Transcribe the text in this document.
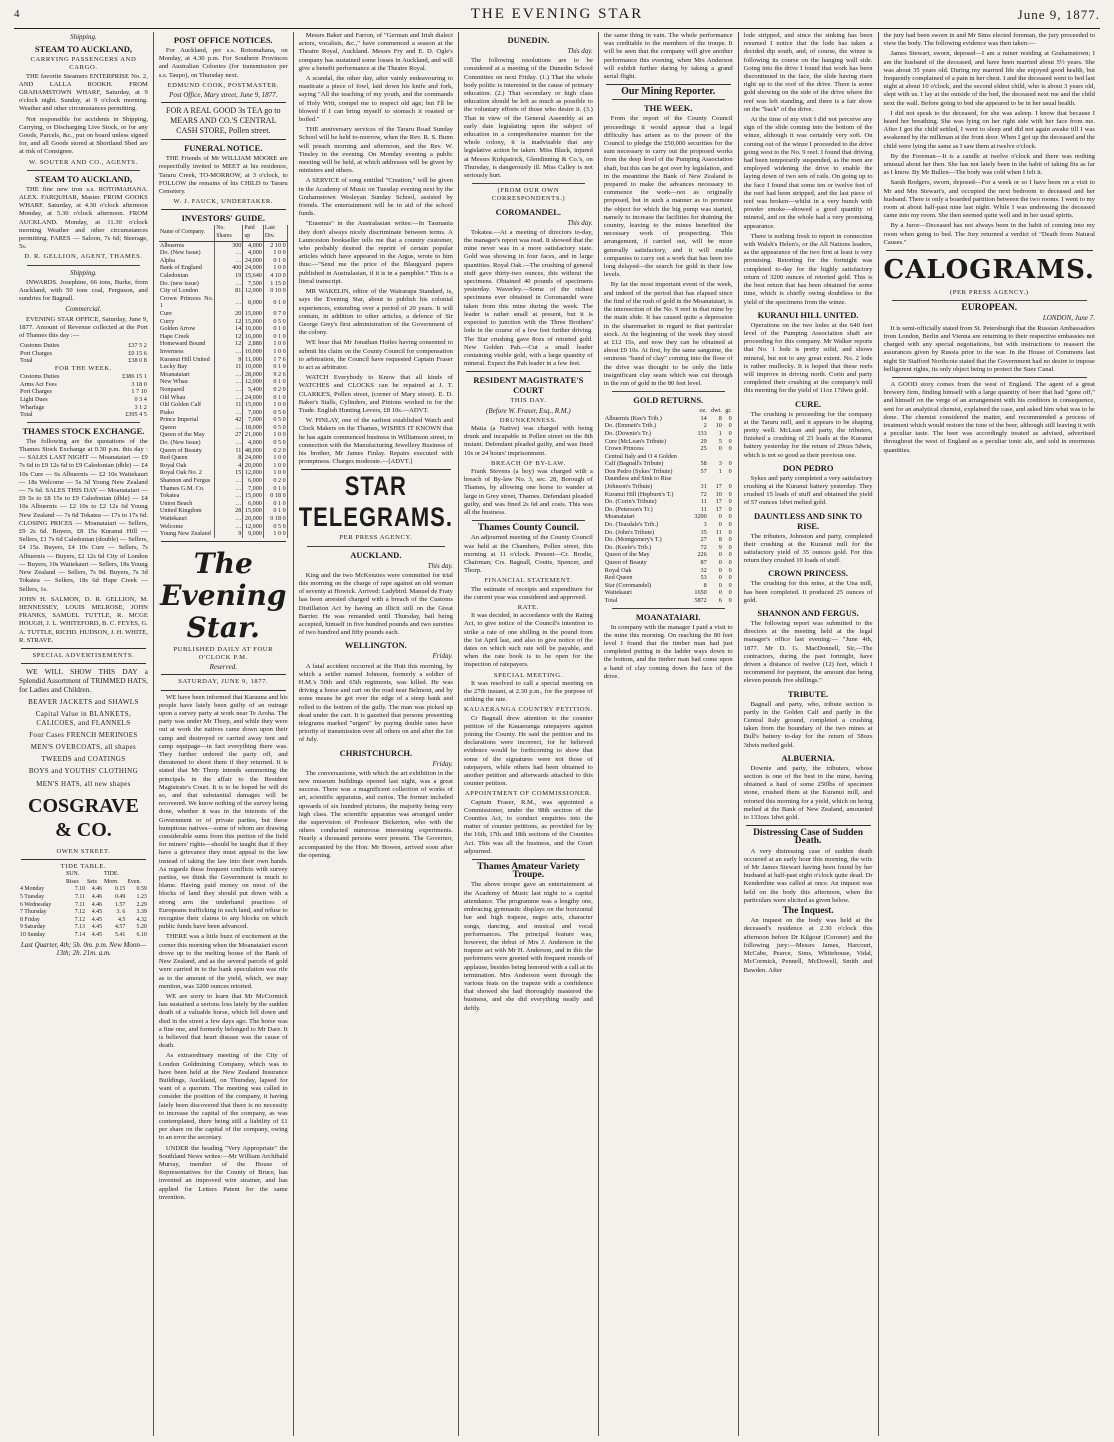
4	THE EVENING STAR	June 9, 1877.
Shipping.
STEAM TO AUCKLAND,
CARRYING PASSENGERS AND CARGO.

THE favorite Steamers ENTERPRISE No. 2, AND LALLA ROOKH. FROM GRAHAMSTOWN WHARF, Saturday, at 9 o'clock night. Sunday, at 9 o'clock morning. Weather and other circumstances permitting.

Not responsible for accidents in Shipping, Carrying, or Discharging Live Stock, or for any Goods, Parcels, &c., put on board unless signed for, and all Goods stored at Shortland Shed are at risk of Consignee.

W. SOUTER AND CO., AGENTS.
STEAM TO AUCKLAND,

THE fine new iron s.s. ROTOMAHANA. ALEX. FARQUHAR, Master. FROM GOOKS WHARF. Saturday, at 4.30 o'clock afternoon Monday, at 5.30 o'clock afternoon. FROM AUCKLAND. Monday, at 11.30 o'clock morning Weather and other circumstances permitting. FARES — Saloon, 7s 6d; Steerage, 5s.

D. R. GELLION, AGENT, THAMES.
Shipping.

INWARDS. Josephine, 66 tons, Burke, from Auckland, with 50 tons coal, Ferguson, and sundries for Bagnall.

Commercial.

EVENING STAR OFFICE, Saturday, June 9, 1877. Amount of Revenue collected at the Port of Thames this day :—

Customs Duties	£37 5 2
Port Charges	£0 15 6
Total	£38 0 8
FOR THE WEEK.
Customs Duties	£386 15 1
Arms Act Fees	3 18 0
Port Charges	1 7 10
Light Dues	0 3 4
Wharfage	3 1 2
Total	£395 4 5
THAMES STOCK EXCHANGE.

The following are the quotations of the Thames Stock Exchange at 0.30 p.m. this day :— SALES LAST NIGHT — Moanataiari — £9 7s 6d to £9 12s 6d to £9 Caledonian (dble) — £4 10s Cure — 6s Albuernis — £2 10s Waitekauri — 18s Welcome — 5s 3d Young New Zealand — 7s 6d. SALES THIS DAY — Moanataiari — £9 5s to £8 15s to £9 Caledonian (dble) — £4 10s Albuernis — £2 10s to £2 12s 6d Young New Zealand — 7s 6d Tokatea — 17s to 17s 6d. CLOSING PRICES — Moanataiari — Sellers, £9 2s 6d. Buyers, £8 15s Kuranui Hill — Sellers, £1 7s 6d Caledonian (double) — Sellers, £4 15s. Buyers, £4 10s Cure — Sellers, 7s Albuernis — Buyers, £2 12s 6d City of London — Buyers, 10s Waitekauri — Sellers, 18s Young New Zealand — Sellers, 7s 9d. Buyers, 7s 3d Tokatea — Sellers, 18s 6d Hape Creek — Sellers, 1s.

JOHN H. SALMON, D. R. GELLION, M. HENNESSEY, LOUIS MELROSE, JOHN FRANKS, SAMUEL TUTTLE, R. MCGE HOUGH, J. L. WHITEFORD, B. C. FEYES, G. A. TUTTLE, RICHD. HUDSON, J. H. WHITE, R. STRAVE.

SPECIAL ADVERTISEMENTS.

WE WILL SHOW THIS DAY a Splendid Assortment of TRIMMED HATS, for Ladies and Children.

BEAVER JACKETS and SHAWLS
Capital Value in BLANKETS, CALICOES, and FLANNELS
Four Cases FRENCH MERINOES
MEN'S OVERCOATS, all shapes
TWEEDS and COATINGS
BOYS and YOUTHS' CLOTHING
MEN'S HATS, all new shapes
COSGRAVE & CO.
OWEN STREET.
TIDE TABLE.
	SUN.		TIDE.	
	Rises	Sets	Morn.	Even.
4 Monday	7.10	4.46	0.15	0.59
5 Tuesday	7.11	4.46	0.49	1.23
6 Wednesday	7.11	4.46	1.57	2.29
7 Thursday	7.12	4.45	3. 6	3.39
8 Friday	7.12	4.45	4.5	4.32
9 Saturday	7.13	4.45	4.57	5.20
10 Sunday	7.14	4.45	5.41	6.10
Last Quarter, 4th; 5h. 0m. p.m. New Moon—13th; 2h. 21m. a.m.
POST OFFICE NOTICES.

For Auckland, per s.s. Rotomahana, on Monday, at 4.30 p.m. For Southern Provinces and Australian Colonies (for transmission per s.s. Taupo), on Thursday next.

EDMUND COOK, POSTMASTER.
Post Office, Mary street, June 9, 1877.

FOR A REAL GOOD 3s TEA go to MEARS AND CO.'S CENTRAL CASH STORE, Pollen street.

FUNERAL NOTICE.

THE Friends of Mr WILLIAM MOORE are respectfully invited to MEET at his residence, Tararu Creek, TO-MORROW, at 3 o'clock, to FOLLOW the remains of his CHILD to Tararu Cemetery.

W. J. FAUCK, UNDERTAKER.
INVESTORS' GUIDE.
Name of Company.	No. Shares	Paid up	Last Div.
Albuernis	300	4,000	2 10 0
Do. (New Issue)	…	4,000	1 0 0
Alpha	…	24,000	0 1 0
Bank of England	400	24,000	1 0 0
Caledonian	19	15,640	4 10 0
Do. (new issue)	…	7,500	1 15 0
City of London	81	12,000	0 10 0
Crown Princess No. 1	…	8,000	0 1 0
Cure	20	15,000	0 7 0
Curry	12	15,000	0 5 0
Golden Arrow	14	10,000	0 1 0
Hape Creek	12	16,000	0 1 0
Homeward Bound	12	2,880	1 0 0
Inverness	…	10,000	1 0 0
Kuranui Hill United	9	11,000	1 7 6
Lucky Bay	11	10,000	0 1 0
Moanataiari	…	28,000	9 2 6
New Whau	…	12,000	0 1 0
Nonpareil	…	5,400	0 2 0
Old Whau	…	24,000	0 1 0
Old Golden Calf	11	15,000	1 0 0
Piako	…	7,000	0 5 0
Prince Imperial	42	7,000	0 5 0
Queen	…	18,000	0 5 0
Queen of the May	27	21,000	1 0 0
Do. (New Issue)	…	4,000	0 5 0
Queen of Beauty	11	48,000	0 2 0
Red Queen	8	24,000	1 0 0
Royal Oak	4	20,000	1 0 0
Royal Oak No. 2	15	12,000	1 0 0
Shannon and Fergus	…	6,000	0 2 0
Thames G.M. Co.	…	7,000	0 1 0
Tokatea	…	15,000	0 18 0
Union Beach	…	6,000	0 1 0
United Kingdom	28	15,000	0 1 0
Waitekauri	…	20,000	0 18 0
Welcome	…	12,000	0 5 0
Young New Zealand	9	9,000	1 0 0
The Evening Star.
PUBLISHED DAILY AT FOUR O'CLOCK P.M.
Reserved.
SATURDAY, JUNE 9, 1877.

WE have been informed that Karauna and his people have lately been guilty of an outrage upon a survey party at work near Te Aroha. The party was under Mr Thorp, and while they were out at work the natives came down upon their camp and destroyed or carried away tent and camp equipage—in fact everything there was. They further ordered the party off, and threatened to shoot them if they returned. It is stated that Mr Thorp intends summoning the principals in the affair to the Resident Magistrate's Court. It is to be hoped he will do so, and that substantial damages will be recovered. We know nothing of the survey being done, whether it was in the interests of the Government or of private parties, but these bumptious natives—some of whom are drawing considerable sums from this portion of the field for miners' rights—should be taught that if they have a grievance they must appeal to the law instead of taking the law into their own hands. As regards these frequent conflicts with survey parties, we think the Government is much to blame. Having paid money on most of the blocks of land they should put down with a strong arm the underhand practices of Europeans trafficking in such land, and refuse to recognise their claims to any blocks on which public funds have been advanced.

THERE was a little buzz of excitement at the corner this morning when the Moanataiari escort drove up to the melting house of the Bank of New Zealand, and as the several parcels of gold were carried in to the bank speculation was rife as to the amount of the yield, which, we may mention, was 3200 ounces retorted.

WE are sorry to learn that Mr McCormick has sustained a serious loss lately by the sudden death of a valuable horse, which fell down and died in the street a few days ago. The horse was a fine one, and formerly belonged to Mr Dare. It is believed that heart disease was the cause of death.

As extraordinary meeting of the City of London Goldmining Company, which was to have been held at the New Zealand Insurance Buildings, Auckland, on Thursday, lapsed for want of a quorum. The meeting was called to consider the position of the company, it having lately been discovered that there is no necessity to increase the capital of the company, as was contemplated, there being still a liability of £1 per share on the capital of the company, owing to an error the secretary.

UNDER the heading "Very Appropriate" the Southland News writes:—Mr William Archibald Murray, member of the House of Representatives for the County of Bruce, has invented an improved wire strainer, and has applied for Letters Patent for the same invention.

Messrs Baker and Farron, of "German and Irish dialect actors, vocalists, &c.," have commenced a season at the Theatre Royal, Auckland. Messrs Fry and E. D. Ogle's company has sustained some losses in Auckland, and will give a benefit performance at the Theatre Royal.

A scandal, the other day, after vainly endeavouring to masticate a piece of fowl, laid down his knife and fork, saying "All the teaching of my youth, and the commands of Holy Writ, compel me to respect old age; but I'll be blowed if I can bring myself to stomach it roasted or boiled."

THE anniversary services of the Tararu Road Sunday School will be held to-morrow, when the Rev. R. S. Bunn will preach morning and afternoon, and the Rev. W. Tinsley in the evening. On Monday evening a public meeting will be held, at which addresses will be given by ministers and others.

A SERVICE of song entitled "Creation," will be given in the Academy of Music on Tuesday evening next by the Grahamstown Wesleyan Sunday School, assisted by friends. The entertainment will be in aid of the school funds.

"Erasmus" in the Australasian writes:—In Tasmania they don't always nicely discriminate between terms. A Launceston bookseller tells me that a country customer, who probably desired the reprint of certain popular articles which have appeared in the Argus, wrote to him thus:—"Send me the price of the Blaugyard papers published in Australasian, if it is in a pamphlet." This is a literal transcript.

MR WAKELIN, editor of the Wairarapa Standard, is, says the Evening Star, about to publish his colonial experiences, extending over a period of 20 years. It will contain, in addition to other articles, a defence of Sir George Grey's first administration of the Government of the colony.

WE hear that Mr Jonathan Hoiles having consented to submit his claim on the County Council for compensation to arbitration, the Council have requested Captain Fraser to act as arbitrator.

WATCH Everybody to Know that all kinds of WATCHES and CLOCKS can be repaired at J. T. CLARKE'S, Pollen street, (corner of Mary street). E. D. Baker's Stalls, Cylinders, and Pinions worked in for the Trade. English Hunting Levers, £8 10s.—ADVT.

W. FINLAY, one of the earliest established Watch and Clock Makers on the Thames, WISHES IT KNOWN that he has again commenced business in Williamson street, in connection with the Manufacturing Jewellery Business of his brother, Mr James Finlay. Repairs executed with promptness. Charges moderate.—[ADVT.]

STAR TELEGRAMS.
PER PRESS AGENCY.
AUCKLAND.
This day.

King and the two McKenzies were committed for trial this morning on the charge of rape against an old woman of seventy at Howick. Arrived: Ladybird. Manuel de Fraty has been arrested charged with a breach of the Customs Distillation Act by having an illicit still on the Great Barrier. He was remanded until Thursday, bail being accepted, himself in five hundred pounds and two sureties of two hundred and fifty pounds each.

WELLINGTON.
Friday.

A fatal accident occurred at the Hutt this morning, by which a settler named Johnson, formerly a soldier of H.M.'s 50th and 65th regiments, was killed. He was driving a horse and cart on the road near Belmont, and by some means he got over the edge of a steep bank and rolled to the bottom of the gully. The man was picked up dead under the cart. It is gazetted that persons presenting telegrams marked "urgent" by paying double rates have priority of transmission over all others on and after the 1st of July.

CHRISTCHURCH.
Friday.

The conversazione, with which the art exhibition in the new museum buildings opened last night, was a great success. There was a magnificent collection of works of art, scientific apparatus, and curios. The former included upwards of six hundred pictures, the majority being very high class. The scientific apparatus was arranged under the supervision of Professor Bickerton, who with the others conducted numerous interesting experiments. Nearly a thousand persons were present. The Governor, accompanied by the Hon. Mr Bowen, arrived soon after the opening.

DUNEDIN.
This day.

The following resolutions are to be considered at a meeting of the Dunedin School Committee on next Friday. (1.) That the whole body politic is interested in the cause of primary education. (2.) That secondary or high class education should be left as much as possible to the voluntary efforts of those who desire it. (3.) That in view of the General Assembly at an early date legislating upon the subject of education in a comprehensive manner for the whole colony, it is inadvisable that any legislative action be taken. Miss Black, injured at Messrs Kirkpatrick, Glendinning & Co.'s, on Thursday, is dangerously ill. Miss Calley is not seriously hurt.

(FROM OUR OWN CORRESPONDENTS.)
COROMANDEL.
This day.

Tokatea.—At a meeting of directors to-day, the manager's report was read. It showed that the mine never was in a more satisfactory state. Gold was showing in four faces, and in large quantities. Royal Oak.—The crushing of general stuff gave thirty-two ounces, this without the specimens. Obtained 40 pounds of specimens yesterday. Waverley.—Some of the richest specimens ever obtained in Coromandel were taken from this mine during the week. The leader is rather small at present, but it is expected to junction with the Three Brothers' lode in the course of a few feet further driving. The Star crushing gave 8ozs of retorted gold. New Golden Pah.—Cut a small leader containing visible gold, with a large quantity of mineral. Expect the Pah leader in a few feet.

RESIDENT MAGISTRATE'S COURT
THIS DAY.
(Before W. Fraser, Esq., R.M.)
DRUNKENNESS.

Matia (a Native) was charged with being drunk and incapable in Pollen street on the 8th instant. Defendant pleaded guilty, and was fined 10s or 24 hours' imprisonment.

BREACH OF BY-LAW.

Frank Stevens (a boy) was charged with a breach of By-law No. 3, sec. 28, Borough of Thames, by allowing one horse to wander at large in Grey street, Thames. Defendant pleaded guilty, and was fined 2s 6d and costs. This was all the business.

Thames County Council.

An adjourned meeting of the County Council was held at the Chambers, Pollen street, this morning at 11 o'clock. Present—Cr. Brodie, Chairman; Crs. Bagnall, Coutts, Spencer, and Thorp.

FINANCIAL STATEMENT.

The estimate of receipts and expenditure for the current year was considered and approved.

RATE.

It was decided, in accordance with the Rating Act, to give notice of the Council's intention to strike a rate of one shilling in the pound from the 1st April last, and also to give notice of the dates on which such rate will be payable, and when the rate book is to be open for the inspection of ratepayers.

SPECIAL MEETING.

It was resolved to call a special meeting on the 27th instant, at 2.30 p.m., for the purpose of striking the rate.

KAUAERANGA COUNTRY PETITION.

Cr Bagnall drew attention to the counter petition of the Kauaeranga ratepayers against joining the County. He said the petition and its declarations were incorrect, for he believed evidence would be forthcoming to show that some of the signatures were not those of ratepayers, while others had been obtained to another petition and afterwards attached to this counter petition.

APPOINTMENT OF COMMISSIONER.

Captain Fraser, R.M., was appointed a Commissioner, under the 98th section of the Counties Act, to conduct enquiries into the matter of counter petitions, as provided for by the 16th, 17th and 18th sections of the Counties Act. This was all the business, and the Court adjourned.

Thames Amateur Variety Troupe.

The above troupe gave an entertainment at the Academy of Music last night to a capital attendance. The programme was a lengthy one, embracing gymnastic displays on the horizontal bar and high trapeze, negro acts, character songs, dancing, and musical and vocal performances. The principal feature was, however, the debut of Mrs J. Anderson in the trapeze act with Mr H. Anderson, and in this the performers were greeted with frequent rounds of applause, besides being honored with a call at its termination. Mrs Anderson went through the various feats on the trapeze with a confidence that showed she had thoroughly mastered the business, and she did everything neatly and deftly.

the same thing in vain. The whole performance was creditable to the members of the troupe. It will be seen that the company will give another performance this evening, when Mrs Anderson will exhibit further daring by taking a grand aerial flight.

Our Mining Reporter.
THE WEEK.

From the report of the County Council proceedings it would appear that a legal difficulty has arisen as to the power of the Council to pledge the £50,000 securities for the sum necessary to carry out the proposed works from the deep level of the Pumping Association shaft, but this can be got over by legislation, and in the meantime the Bank of New Zealand is prepared to make the advances necessary to commence the work—not as originally proposed, but in such a manner as to promote the object for which the big pump was started, namely to increase the facilities for draining the country, leaving to the mines benefited the necessary work of prospecting. This arrangement, if carried out, will be more generally satisfactory, and it will enable companies to carry out a work that has been too long delayed—the search for gold in their low levels.

By far the most important event of the week, and indeed of the period that has elapsed since the find of the rush of gold in the Moanataiari, is the intersection of the No. 9 reef in that mine by the main slide. It has caused quite a depression in the sharemarket in regard to that particular stock. At the beginning of the week they stood at £12 15s, and now they can be obtained at about £9 10s. At first, by the same sanguine, the ominous "band of clay" coming into the floor of the drive was thought to be only the little insignificant clay seam which was cut through in the run of gold in the 80 feet level.

GOLD RETURNS.
	oz.	dwt.	gr.
Albuernis (Kee's Trib.)	14	8	0
Do. (Emmett's Trib.)	2	10	0
Do. (Downie's Tr.)	133	1	0
Cure (McLean's Tribute)	29	5	0
Crown Princess	25	0	0
Central Italy and O 4 Golden			
Calf (Bagnall's Tribute)	58	3	0
Don Pedro (Sykes' Tribute)	57	1	0
Dauntless and Sink to Rise			
(Johnson's Tribute)	31	17	0
Kuranui Hill (Hepburn's T.)	72	10	0
Do. (Corin's Tribute)	11	17	0
Do. (Peterson's Tr.)	11	17	0
Moanataiari	3200	0	0
Do. (Teasdale's Trib.)	3	0	0
Do. (John's Tribute)	35	11	0
Do. (Montgomery's T.)	27	8	0
Do. (Keefe's Trib.)	72	9	0
Queen of the May	226	0	0
Queen of Beauty	87	0	0
Royal Oak	32	0	0
Red Queen	53	0	0
Star (Coromandel)	8	0	0
Waitekauri	1650	0	0
Total	5872	6	0
MOANATAIARI.

In company with the manager I paid a visit to the mine this morning. On reaching the 80 feet level I found that the timber man had just completed putting in the ladder ways down to the bottom, and the timber man had come upon a band of clay coming down the face of the drive.

lode stripped, and since the sinking has been resumed I notice that the lode has taken a decided dip south, and, of course, the winze is following its course on the hanging wall side. Going into the drive I found that work has been discontinued in the face, the slide having risen right up to the roof of the drive. There is some gold showing on the side of the drive where the reef was left standing, and there is a fair show on the "back" of the drive.

At the time of my visit I did not perceive any sign of the slide coming into the bottom of the winze, although it was certainly very soft. On coming out of the winze I proceeded to the drive going west to the No. 9 reef. I found that driving had been temporarily suspended, as the men are employed widening the drive to enable the laying down of two sets of rails. On going up to the face I found that some ten or twelve feet of the reef had been stripped, and the last piece of reef was broken—whilst in a very bunch with powder smoke—showed a good quantity of mineral, and on the whole had a very promising appearance.

There is nothing fresh to report in connection with Walsh's Helen's, or the All Nations leaders, as the appearance of the two first at least is very promising. Retorting for the fortnight was completed to-day for the highly satisfactory return of 3200 ounces of retorted gold. This is the best return that has been obtained for some time, which is chiefly owing doubtless to the yield of the specimens from the winze.

KURANUI HILL UNITED.

Operations on the two lodes at the 640 feet level of the Pumping Association shaft are proceeding for this company. Mr Walker reports that No. 1 lode is pretty solid, and shows mineral, but not to any great extent. No. 2 lode is rather mullocky. It is hoped that these reefs will improve in driving north. Corin and party completed their crushing at the company's mill this morning for the yield of 11oz 17dwts gold.

CURE.

The crushing is proceeding for the company at the Tararu mill, and it appears to be shaping pretty well. McLean and party, the tributers, finished a crushing of 23 loads at the Kuranui battery yesterday for the return of 29ozs 5dwts, which is not so good as their previous one.

DON PEDRO

Sykes and party completed a very satisfactory crushing at the Kuranui battery yesterday. They crushed 15 loads of stuff and obtained the yield of 57 ounces 1dwt melted gold.

DAUNTLESS AND SINK TO RISE.

The tributers, Johnston and party, completed their crushing at the Kuranui mill for the satisfactory yield of 35 ounces gold. For this return they crushed 10 loads of stuff.

CROWN PRINCESS.

The crushing for this mine, at the Una mill, has been completed. It produced 25 ounces of gold.

SHANNON AND FERGUS.

The following report was submitted to the directors at the meeting held at the legal manager's office last evening:— "June 4th, 1877. Mr D. G. MacDonnell, Sir,—The contractors, during the past fortnight, have driven a distance of twelve (12) feet, which I recommend for payment, the amount due being eleven pounds five shillings."

TRIBUTE.

Bagnall and party, who, tribute section is partly in the Golden Calf and partly in the Central Italy ground, completed a crushing taken from the boundary of the two mines at Bull's battery to-day for the return of 58ozs 3dwts melted gold.

ALBUERNIA.

Downie and party, the tributers, whose section is one of the best in the mine, having obtained a haul of some 250lbs of specimen stone, crushed them at the Kuranui mill, and retorted this morning for a yield, which on being melted at the Bank of New Zealand, amounted to 133ozs 1dwt gold.

Distressing Case of Sudden Death.

A very distressing case of sudden death occurred at an early hour this morning, the wife of Mr James Stewart having been found by her husband at half-past eight o'clock quite dead. Dr Kenderdine was called at once. An inquest was held on the body this afternoon, when the particulars were elicited as given below.

The Inquest.

An inquest on the body was held at the deceased's residence at 2.30 o'clock this afternoon before Dr Kilgour (Coroner) and the following jury:—Messrs James, Harcourt, McCabe, Pearce, Sims, Whitehouse, Vidal, McCormick, Pennell, McDowell, Smith and Bawden. After

the jury had been sworn in and Mr Sims elected foreman, the jury proceeded to view the body. The following evidence was then taken:—

James Stewart, sworn, deposed—I am a miner residing at Grahamstown; I am the husband of the deceased, and have been married about 5½ years. She was about 35 years old. During my married life she enjoyed good health, but frequently complained of a pain in her chest. I and the deceased went to bed last night at about 10 o'clock, and the second eldest child, who is about 3 years old, slept with us. I lay at the outside of the bed, the deceased next me and the child next the wall. Before going to bed she appeared to be in her usual health.

I did not speak to the deceased, for she was asleep. I know that because I heard her breathing. She was lying on her right side with her face from me. After I got the child settled, I went to sleep and did not again awake till I was awakened by the milkman at the front door. When I got up the deceased and the child were lying the same as I saw them at twelve o'clock.

By the Foreman—It is a candle at twelve o'clock and there was nothing unusual about her then. She has not lately been in the habit of taking fits as far as I know. By Mr Bullen—The body was cold when I felt it.

Sarah Rodgers, sworn, deposed—For a week or so I have been on a visit to Mr and Mrs Stewart's, and occupied the next bedroom to deceased and her husband. There is only a boarded partition between the two rooms. I went to my room at about half-past nine last night. While I was undressing the deceased came into my room. She then seemed quite well and in her usual spirits.

By a Juror—Deceased has not always been in the habit of coming into my room when going to bed. The Jury returned a verdict of "Death from Natural Causes."

CALOGRAMS.
(PER PRESS AGENCY.)
EUROPEAN.
LONDON, June 7.

It is semi-officially stated from St. Petersburgh that the Russian Ambassadors from London, Berlin and Vienna are returning to their respective embassies not charged with any special negotiations, but with instructions to reassert the assurances given by Russia prior to the war. In the House of Commons last night Sir Stafford Northcote stated that the Government had no desire to impose belligerent rights, its only object being to protect the Suez Canal.

A GOOD story comes from the west of England. The agent of a great brewery firm, finding himself with a large quantity of beer that had "gone off," and himself on the verge of an arrangement with his creditors in consequence, sent for an analytical chemist, explained the case, and asked him what was to be done. The chemist considered the matter, and recommended a process of treatment which would restore the tone of the beer, although still leaving it with a peculiar taste. The beer was accordingly treated as advised, advertised throughout the west of England as a peculiar tonic ale, and sold in enormous quantities.
